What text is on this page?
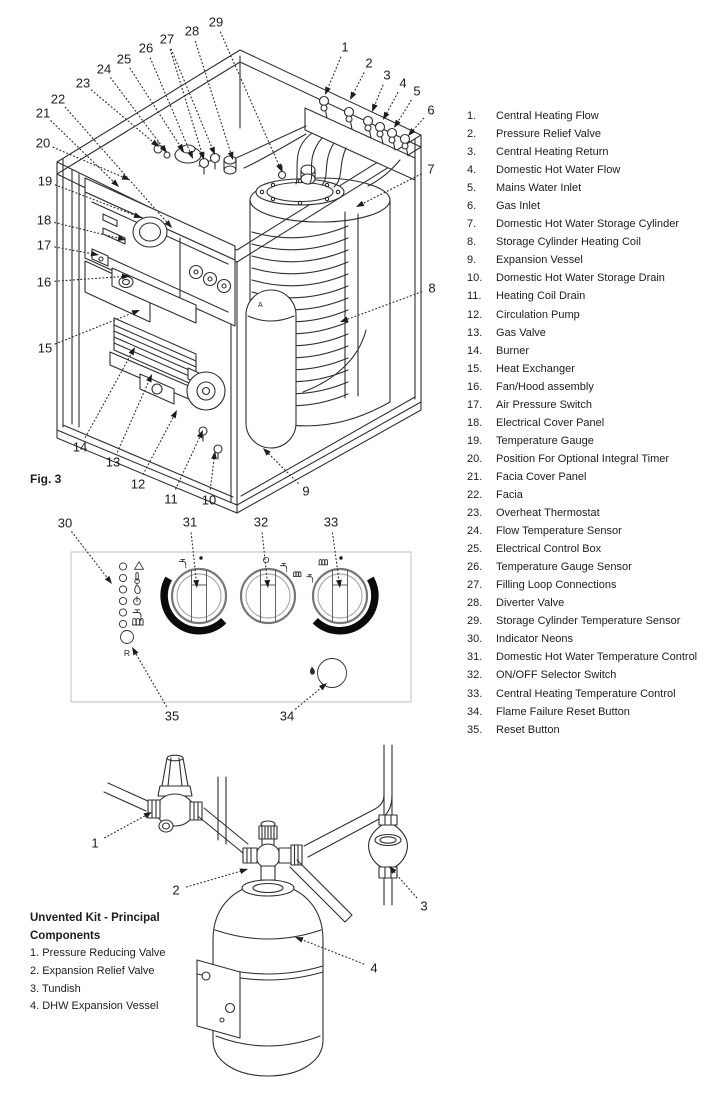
A
R
O
1
2
3
4
5
6
7
8
9
10
11
12
13
14
15
16
17
18
19
20
21
22
23
24
25
26
27
28
29
30	31	32	33
34
35
1
2
3
4
Fig. 3
1.	Central Heating Flow
2.	Pressure Relief Valve
3.	Central Heating Return
4.	Domestic Hot Water Flow
5.	Mains Water Inlet
6.	Gas Inlet
7.	Domestic Hot Water Storage Cylinder
8.	Storage Cylinder Heating Coil
9.	Expansion Vessel
10.	Domestic Hot Water Storage Drain
11.	Heating Coil Drain
12.	Circulation Pump
13.	Gas Valve
14.	Burner
15.	Heat Exchanger
16.	Fan/Hood assembly
17.	Air Pressure Switch
18.	Electrical Cover Panel
19.	Temperature Gauge
20.	Position For Optional Integral Timer
21.	Facia Cover Panel
22.	Facia
23.	Overheat Thermostat
24.	Flow Temperature Sensor
25.	Electrical Control Box
26.	Temperature Gauge Sensor
27.	Filling Loop Connections
28.	Diverter Valve
29.	Storage Cylinder Temperature Sensor
30.	Indicator Neons
31.	Domestic Hot Water Temperature Control
32.	ON/OFF Selector Switch
33.	Central Heating Temperature Control
34.	Flame Failure Reset Button
35.	Reset Button
Unvented Kit - Principal
Components
1. Pressure Reducing Valve
2. Expansion Relief Valve
3. Tundish
4. DHW Expansion Vessel
